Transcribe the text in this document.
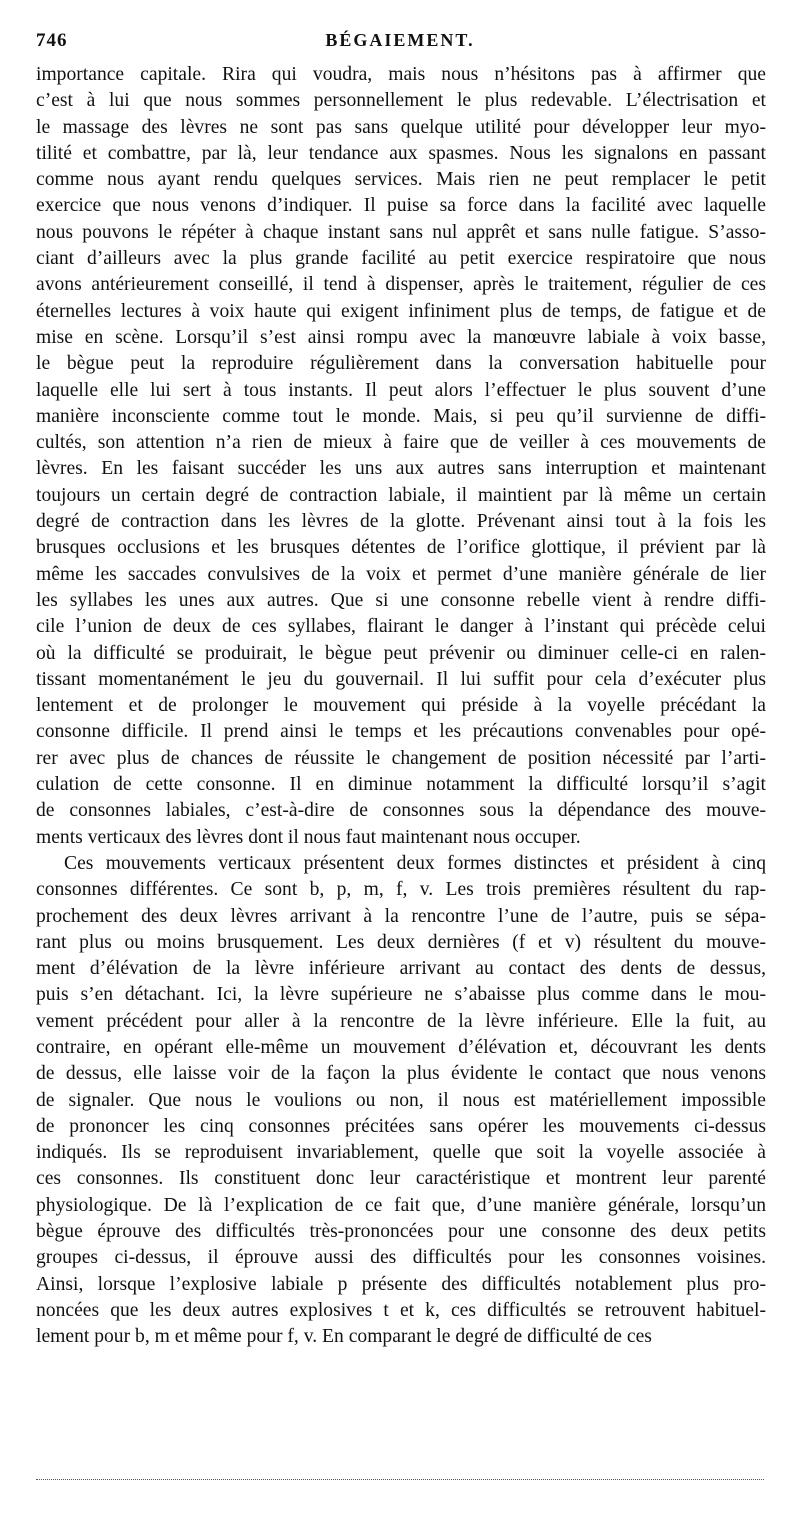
746	BÉGAIEMENT.
importance capitale. Rira qui voudra, mais nous n’hésitons pas à affirmer que
c’est à lui que nous sommes personnellement le plus redevable. L’électrisation et
le massage des lèvres ne sont pas sans quelque utilité pour développer leur myo-
tilité et combattre, par là, leur tendance aux spasmes. Nous les signalons en passant
comme nous ayant rendu quelques services. Mais rien ne peut remplacer le petit
exercice que nous venons d’indiquer. Il puise sa force dans la facilité avec laquelle
nous pouvons le répéter à chaque instant sans nul apprêt et sans nulle fatigue. S’asso-
ciant d’ailleurs avec la plus grande facilité au petit exercice respiratoire que nous
avons antérieurement conseillé, il tend à dispenser, après le traitement, régulier de ces
éternelles lectures à voix haute qui exigent infiniment plus de temps, de fatigue et de
mise en scène. Lorsqu’il s’est ainsi rompu avec la manœuvre labiale à voix basse,
le bègue peut la reproduire régulièrement dans la conversation habituelle pour
laquelle elle lui sert à tous instants. Il peut alors l’effectuer le plus souvent d’une
manière inconsciente comme tout le monde. Mais, si peu qu’il survienne de diffi-
cultés, son attention n’a rien de mieux à faire que de veiller à ces mouvements de
lèvres. En les faisant succéder les uns aux autres sans interruption et maintenant
toujours un certain degré de contraction labiale, il maintient par là même un certain
degré de contraction dans les lèvres de la glotte. Prévenant ainsi tout à la fois les
brusques occlusions et les brusques détentes de l’orifice glottique, il prévient par là
même les saccades convulsives de la voix et permet d’une manière générale de lier
les syllabes les unes aux autres. Que si une consonne rebelle vient à rendre diffi-
cile l’union de deux de ces syllabes, flairant le danger à l’instant qui précède celui
où la difficulté se produirait, le bègue peut prévenir ou diminuer celle-ci en ralen-
tissant momentanément le jeu du gouvernail. Il lui suffit pour cela d’exécuter plus
lentement et de prolonger le mouvement qui préside à la voyelle précédant la
consonne difficile. Il prend ainsi le temps et les précautions convenables pour opé-
rer avec plus de chances de réussite le changement de position nécessité par l’arti-
culation de cette consonne. Il en diminue notamment la difficulté lorsqu’il s’agit
de consonnes labiales, c’est-à-dire de consonnes sous la dépendance des mouve-
ments verticaux des lèvres dont il nous faut maintenant nous occuper.
Ces mouvements verticaux présentent deux formes distinctes et président à cinq
consonnes différentes. Ce sont b, p, m, f, v. Les trois premières résultent du rap-
prochement des deux lèvres arrivant à la rencontre l’une de l’autre, puis se sépa-
rant plus ou moins brusquement. Les deux dernières (f et v) résultent du mouve-
ment d’élévation de la lèvre inférieure arrivant au contact des dents de dessus,
puis s’en détachant. Ici, la lèvre supérieure ne s’abaisse plus comme dans le mou-
vement précédent pour aller à la rencontre de la lèvre inférieure. Elle la fuit, au
contraire, en opérant elle-même un mouvement d’élévation et, découvrant les dents
de dessus, elle laisse voir de la façon la plus évidente le contact que nous venons
de signaler. Que nous le voulions ou non, il nous est matériellement impossible
de prononcer les cinq consonnes précitées sans opérer les mouvements ci-dessus
indiqués. Ils se reproduisent invariablement, quelle que soit la voyelle associée à
ces consonnes. Ils constituent donc leur caractéristique et montrent leur parenté
physiologique. De là l’explication de ce fait que, d’une manière générale, lorsqu’un
bègue éprouve des difficultés très-prononcées pour une consonne des deux petits
groupes ci-dessus, il éprouve aussi des difficultés pour les consonnes voisines.
Ainsi, lorsque l’explosive labiale p présente des difficultés notablement plus pro-
noncées que les deux autres explosives t et k, ces difficultés se retrouvent habituel-
lement pour b, m et même pour f, v. En comparant le degré de difficulté de ces
